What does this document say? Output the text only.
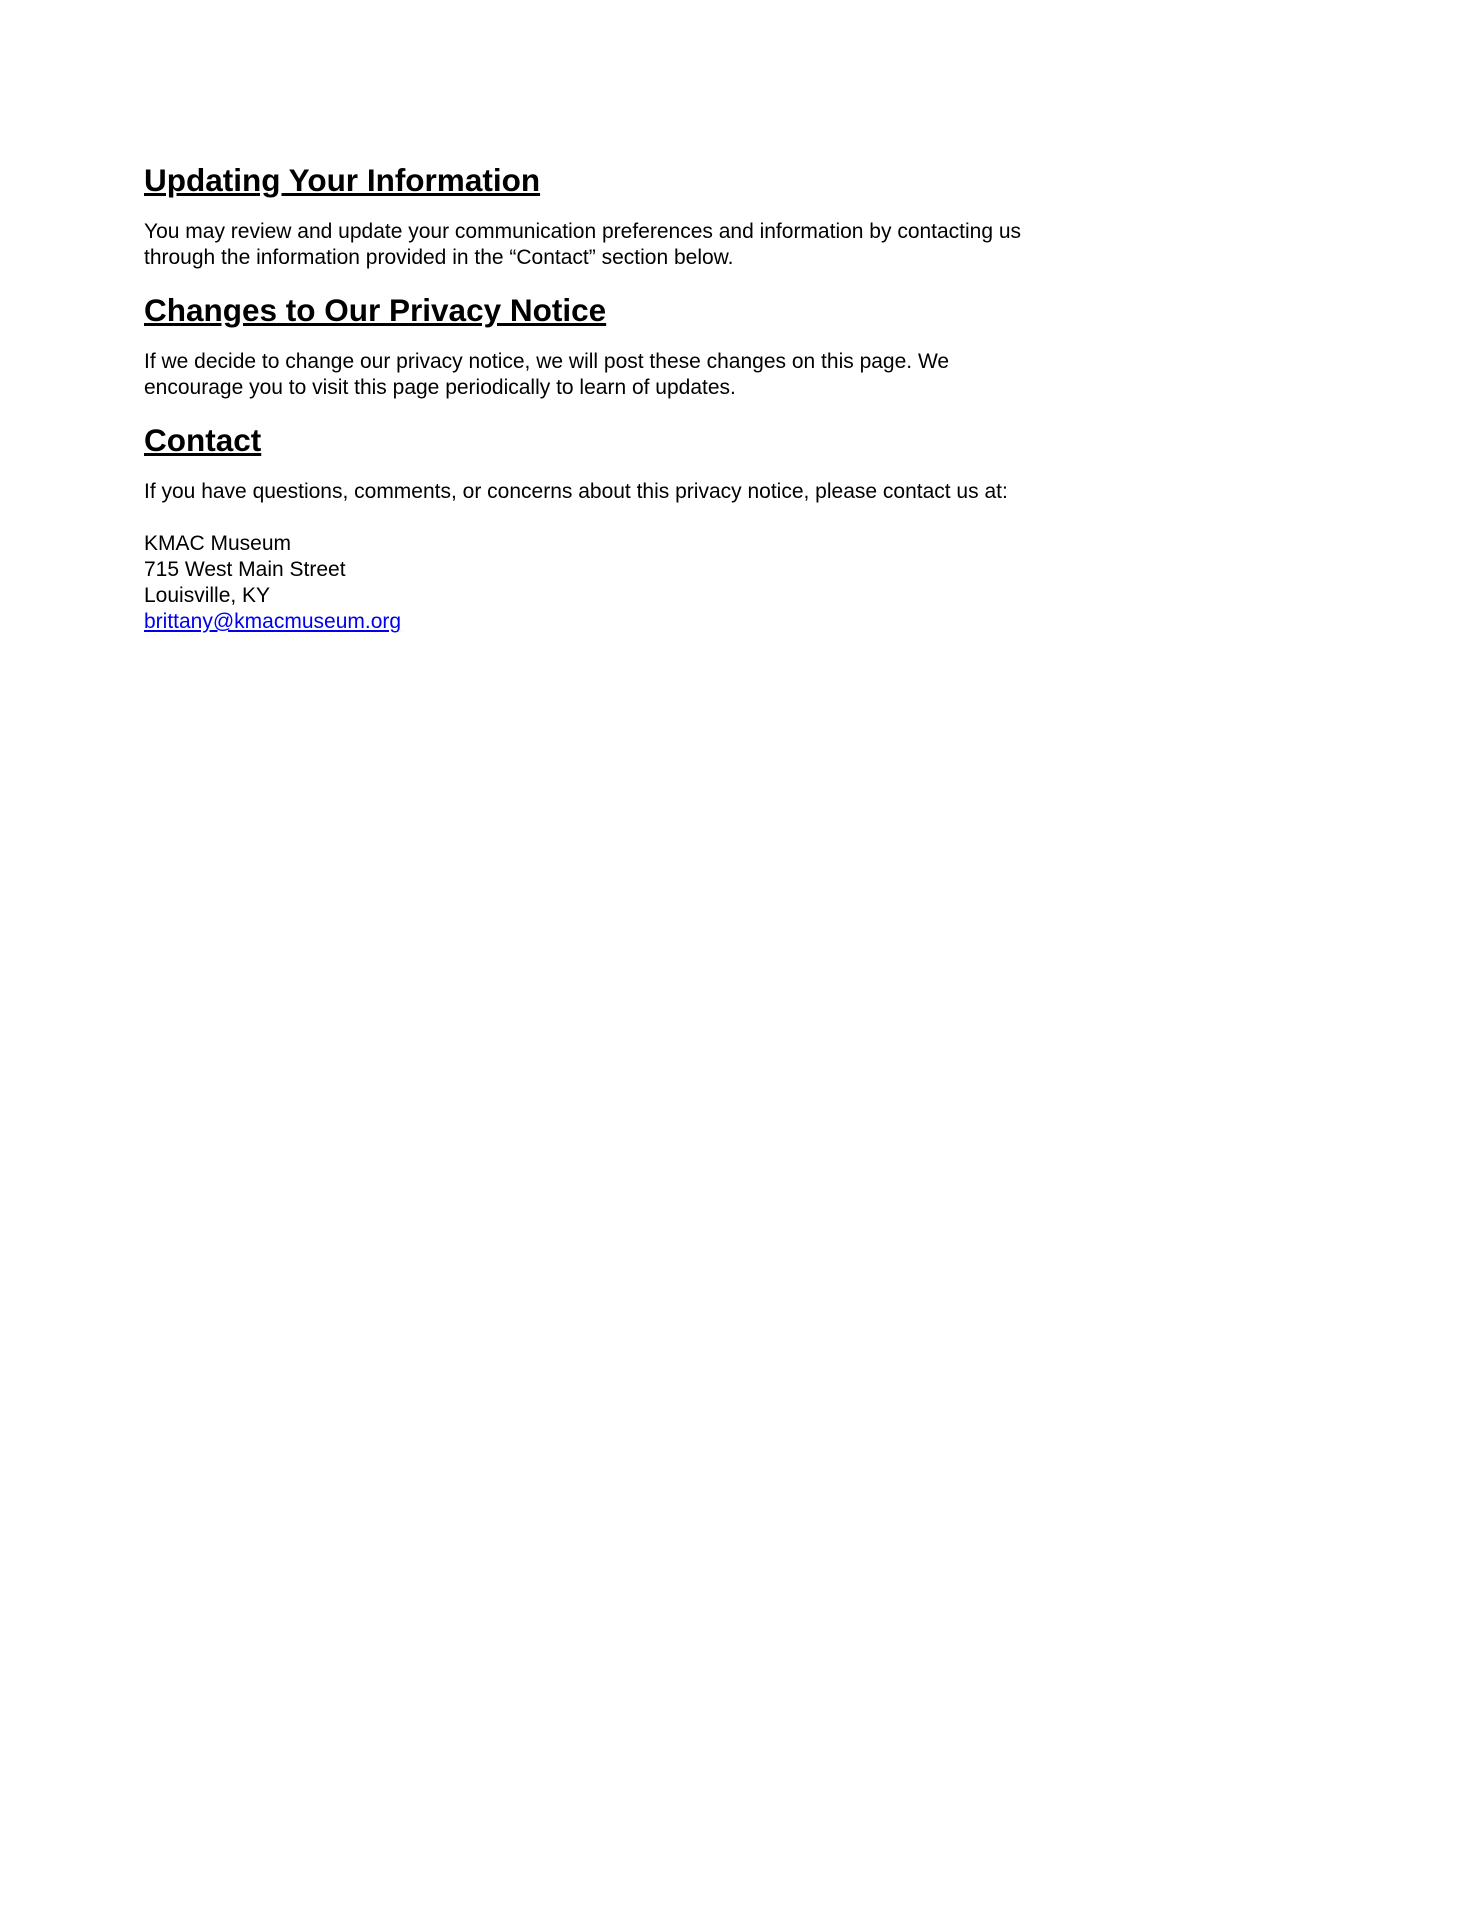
Updating Your Information

You may review and update your communication preferences and information by contacting us
through the information provided in the “Contact” section below.

Changes to Our Privacy Notice

If we decide to change our privacy notice, we will post these changes on this page. We
encourage you to visit this page periodically to learn of updates.

Contact

If you have questions, comments, or concerns about this privacy notice, please contact us at:

KMAC Museum
715 West Main Street
Louisville, KY
brittany@kmacmuseum.org
